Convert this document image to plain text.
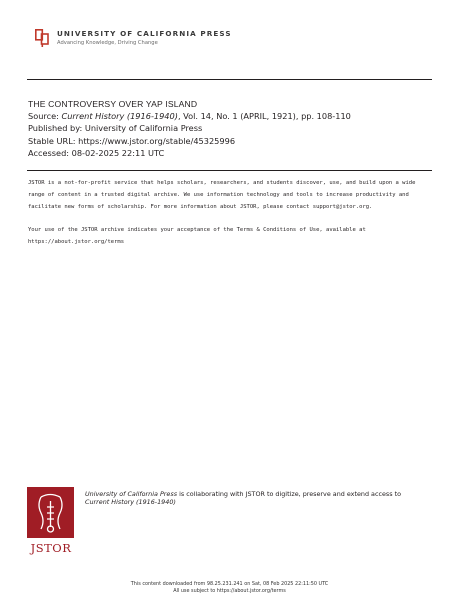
UNIVERSITY OF CALIFORNIA PRESS
Advancing Knowledge, Driving Change
THE CONTROVERSY OVER YAP ISLAND
Source: Current History (1916-1940), Vol. 14, No. 1 (APRIL, 1921), pp. 108-110
Published by: University of California Press
Stable URL: https://www.jstor.org/stable/45325996
Accessed: 08-02-2025 22:11 UTC

JSTOR is a not-for-profit service that helps scholars, researchers, and students discover, use, and build upon a wide range of content in a trusted digital archive. We use information technology and tools to increase productivity and facilitate new forms of scholarship. For more information about JSTOR, please contact support@jstor.org.

Your use of the JSTOR archive indicates your acceptance of the Terms & Conditions of Use, available at https://about.jstor.org/terms

JSTOR
University of California Press is collaborating with JSTOR to digitize, preserve and extend access to Current History (1916-1940)
This content downloaded from 98.25.231.241 on Sat, 08 Feb 2025 22:11:50 UTC
All use subject to https://about.jstor.org/terms
